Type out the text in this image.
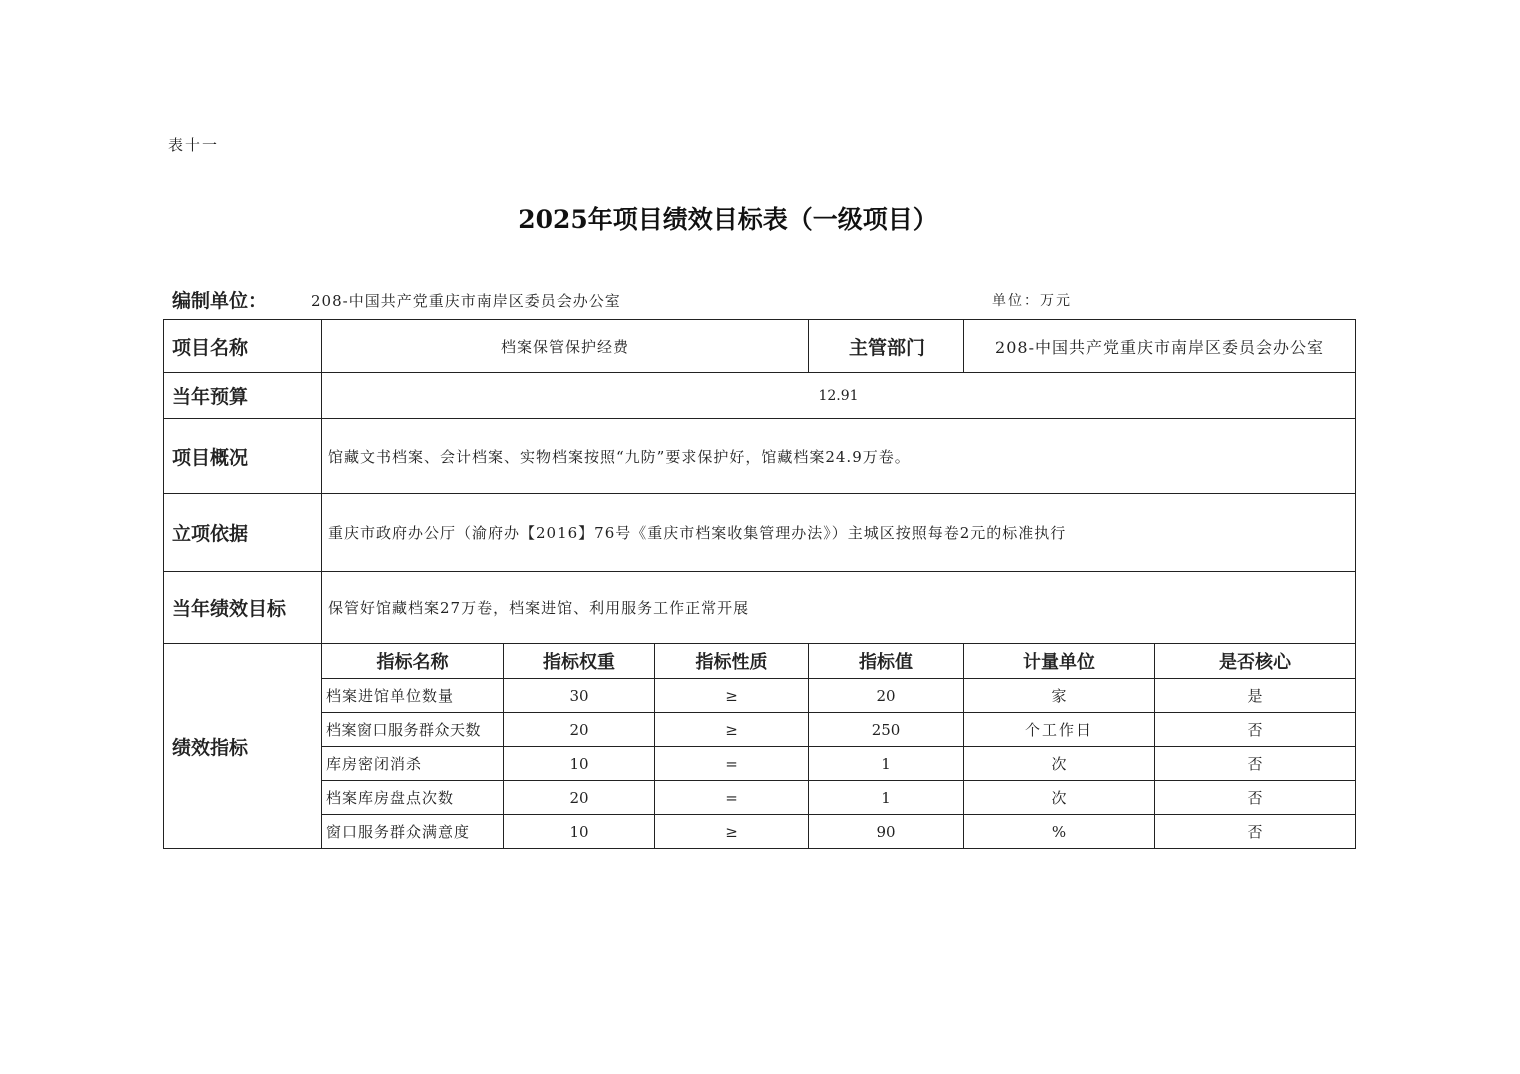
表十一
2025年项目绩效目标表（一级项目）
编制单位：	208-中国共产党重庆市南岸区委员会办公室	单位：万元
项目名称	档案保管保护经费			主管部门	208-中国共产党重庆市南岸区委员会办公室	
当年预算	12.91					
项目概况	馆藏文书档案、会计档案、实物档案按照“九防”要求保护好，馆藏档案24.9万卷。					
立项依据	重庆市政府办公厅（渝府办【2016】76号《重庆市档案收集管理办法》）主城区按照每卷2元的标准执行					
当年绩效目标	保管好馆藏档案27万卷，档案进馆、利用服务工作正常开展					
绩效指标	指标名称	指标权重	指标性质	指标值	计量单位	是否核心
	档案进馆单位数量	30	≥	20	家	是
	档案窗口服务群众天数	20	≥	250	个工作日	否
	库房密闭消杀	10	=	1	次	否
	档案库房盘点次数	20	=	1	次	否
	窗口服务群众满意度	10	≥	90	%	否
